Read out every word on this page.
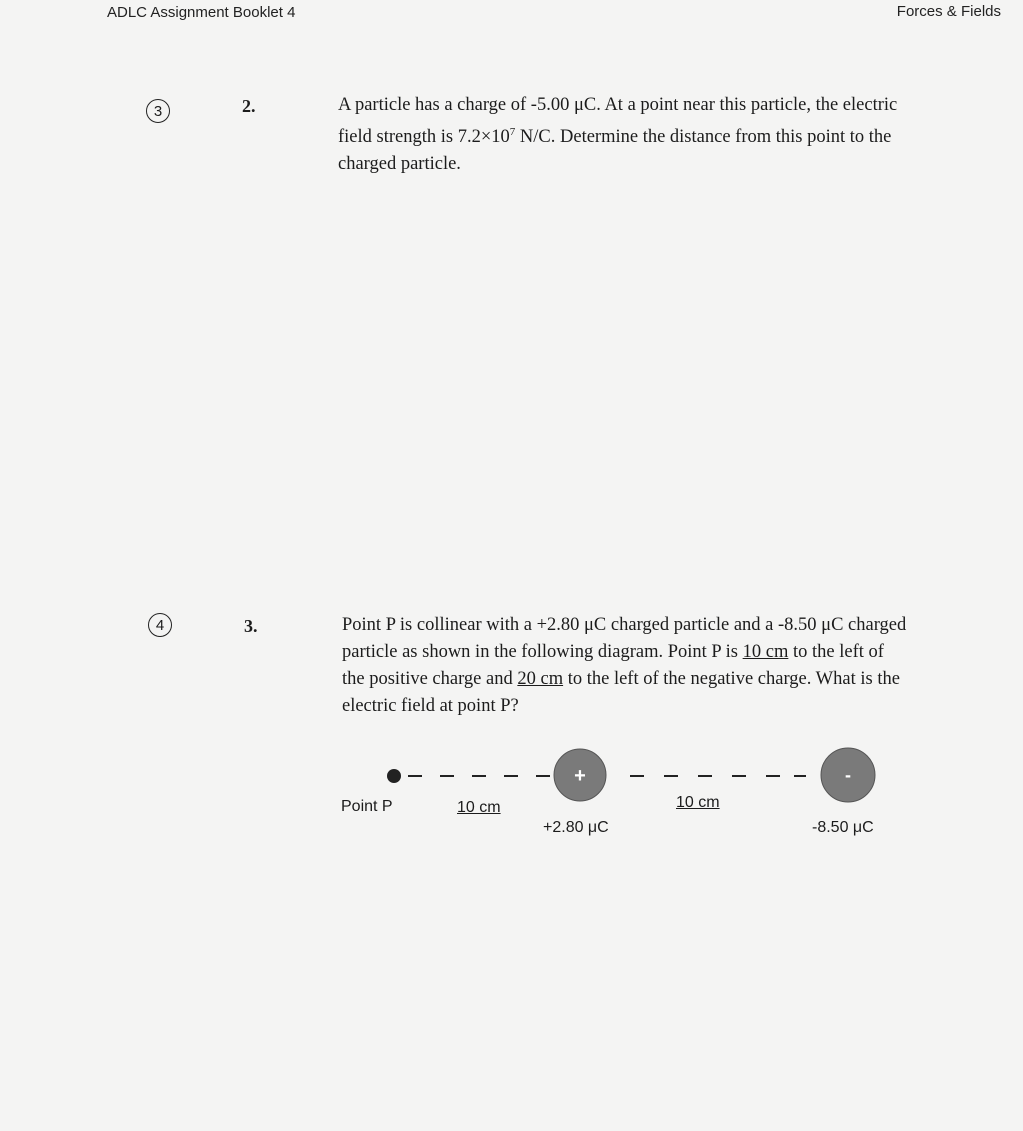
ADLC Assignment Booklet 4	Forces & Fields
3	2.	A particle has a charge of -5.00 μC. At a point near this particle, the electric
field strength is $7.2\times 10^7$ N/C. Determine the distance from this point to the
charged particle.
4	3.	Point P is collinear with a +2.80 μC charged particle and a -8.50 μC charged
particle as shown in the following diagram. Point P is 10 cm to the left of
the positive charge and 20 cm to the left of the negative charge. What is the
electric field at point P?
+	-
Point P	10 cm
+2.80 μC
10 cm
-8.50 μC
